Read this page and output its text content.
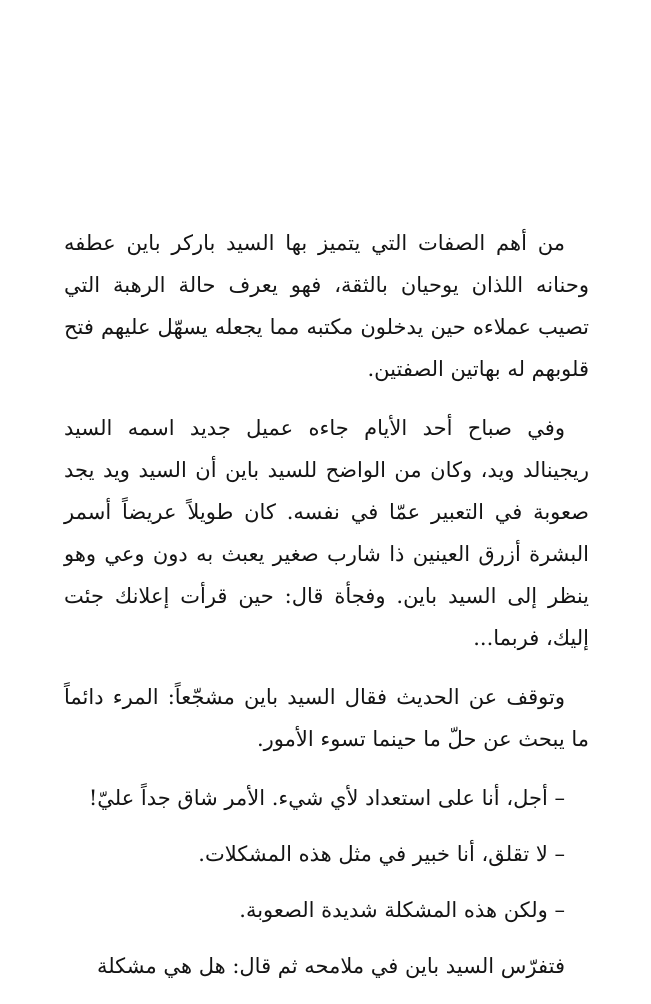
من أهم الصفات التي يتميز بها السيد باركر باين عطفه وحنانه اللذان يوحيان بالثقة، فهو يعرف حالة الرهبة التي تصيب عملاءه حين يدخلون مكتبه مما يجعله يسهّل عليهم فتح قلوبهم له بهاتين الصفتين.

وفي صباح أحد الأيام جاءه عميل جديد اسمه السيد ريجينالد ويد، وكان من الواضح للسيد باين أن السيد ويد يجد صعوبة في التعبير عمّا في نفسه. كان طويلاً عريضاً أسمر البشرة أزرق العينين ذا شارب صغير يعبث به دون وعي وهو ينظر إلى السيد باين. وفجأة قال: حين قرأت إعلانك جئت إليك، فربما...

وتوقف عن الحديث فقال السيد باين مشجّعاً: المرء دائماً ما يبحث عن حلّ ما حينما تسوء الأمور.

– أجل، أنا على استعداد لأي شيء. الأمر شاق جداً عليّ!

– لا تقلق، أنا خبير في مثل هذه المشكلات.

– ولكن هذه المشكلة شديدة الصعوبة.

فتفرّس السيد باين في ملامحه ثم قال: هل هي مشكلة
